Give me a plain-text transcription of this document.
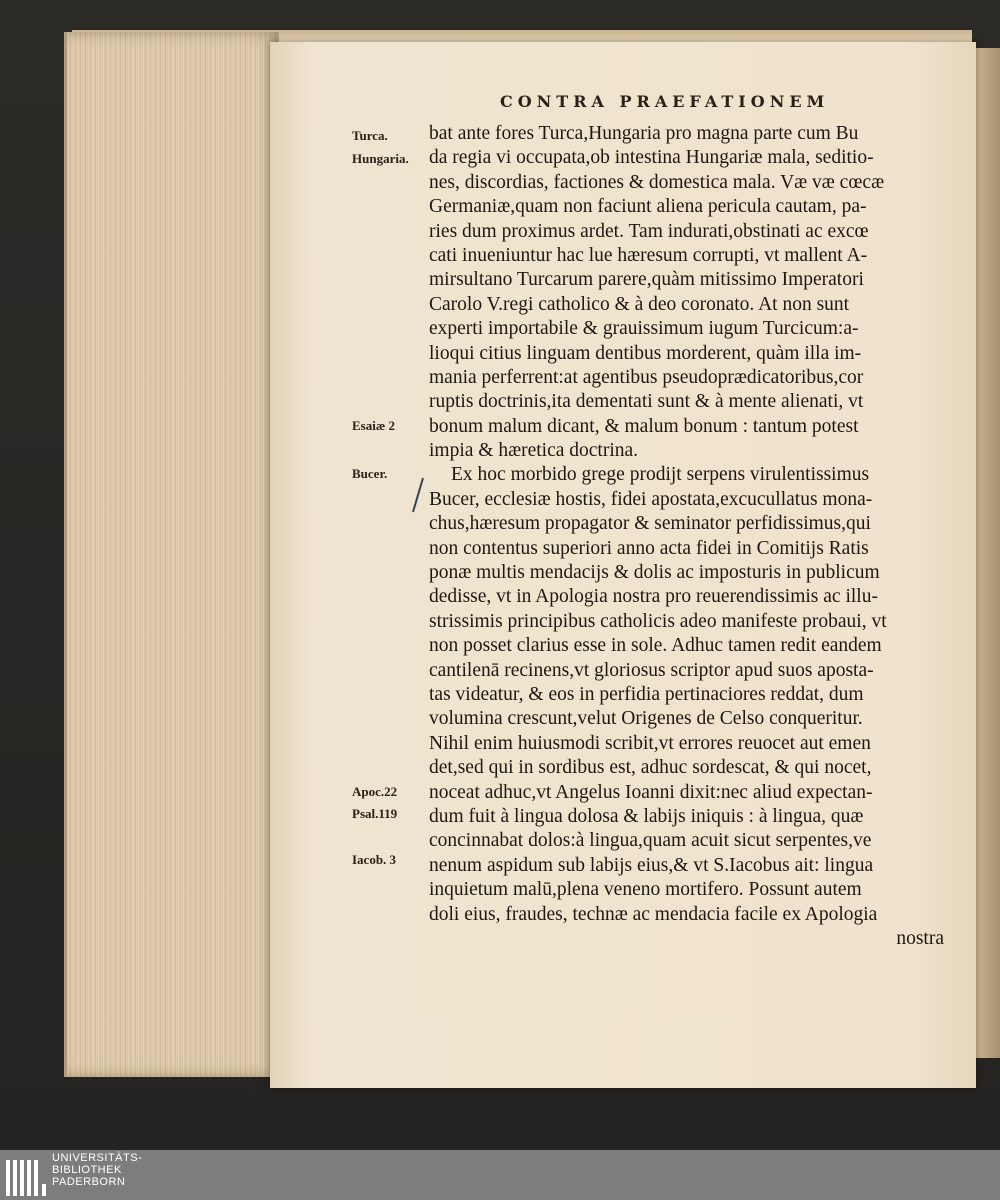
CONTRA PRAEFATIONEM
Turca.
Hungaria.
Esaiæ 2
Bucer.
Apoc.22
Psal.119
Iacob. 3
bat ante fores Turca,Hungaria pro magna parte cum Bu
da regia vi occupata,ob intestina Hungariæ mala, seditio-
nes, discordias, factiones & domestica mala. Væ væ cœcæ
Germaniæ,quam non faciunt aliena pericula cautam, pa-
ries dum proximus ardet. Tam indurati,obstinati ac excœ
cati inueniuntur hac lue hæresum corrupti, vt mallent A-
mirsultano Turcarum parere,quàm mitissimo Imperatori
Carolo V.regi catholico & à deo coronato. At non sunt
experti importabile & grauissimum iugum Turcicum:a-
lioqui citius linguam dentibus morderent, quàm illa im-
mania perferrent:at agentibus pseudoprædicatoribus,cor
ruptis doctrinis,ita dementati sunt & à mente alienati, vt
bonum malum dicant, & malum bonum : tantum potest
impia & hæretica doctrina.
Ex hoc morbido grege prodijt serpens virulentissimus
Bucer, ecclesiæ hostis, fidei apostata,excucullatus mona-
chus,hæresum propagator & seminator perfidissimus,qui
non contentus superiori anno acta fidei in Comitijs Ratis
ponæ multis mendacijs & dolis ac imposturis in publicum
dedisse, vt in Apologia nostra pro reuerendissimis ac illu-
strissimis principibus catholicis adeo manifeste probaui, vt
non posset clarius esse in sole. Adhuc tamen redit eandem
cantilenā recinens,vt gloriosus scriptor apud suos aposta-
tas videatur, & eos in perfidia pertinaciores reddat, dum
volumina crescunt,velut Origenes de Celso conqueritur.
Nihil enim huiusmodi scribit,vt errores reuocet aut emen
det,sed qui in sordibus est, adhuc sordescat, & qui nocet,
noceat adhuc,vt Angelus Ioanni dixit:nec aliud expectan-
dum fuit à lingua dolosa & labijs iniquis : à lingua, quæ
concinnabat dolos:à lingua,quam acuit sicut serpentes,ve
nenum aspidum sub labijs eius,& vt S.Iacobus ait: lingua
inquietum malū,plena veneno mortifero. Possunt autem
doli eius, fraudes, technæ ac mendacia facile ex Apologia
nostra
UNIVERSITÄTS-
BIBLIOTHEK
PADERBORN
